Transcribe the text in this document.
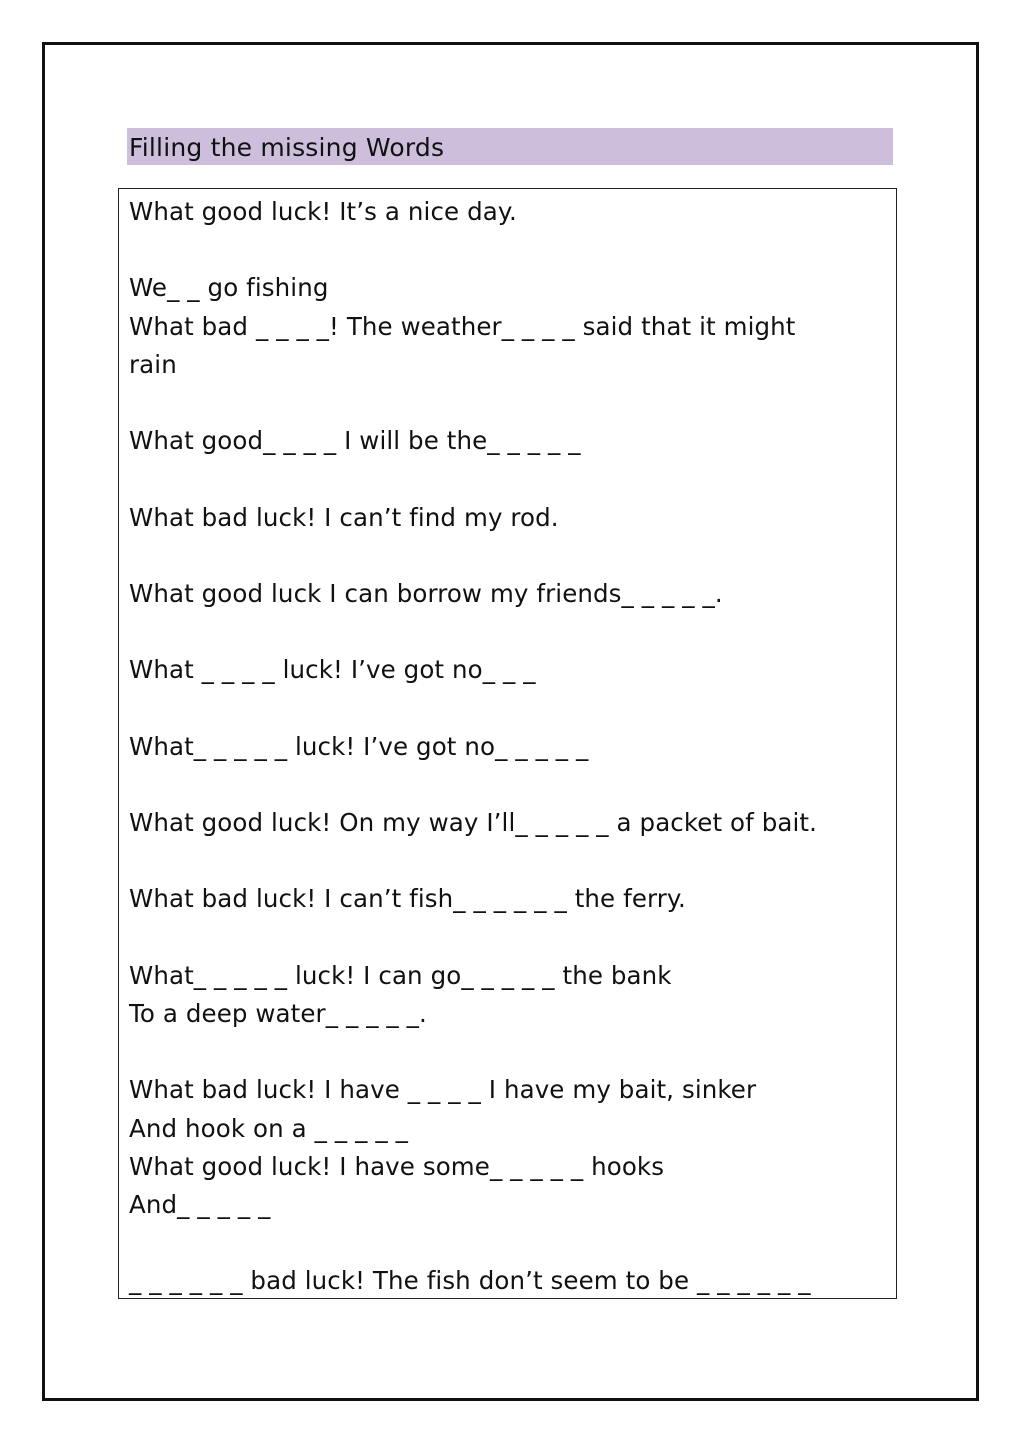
Filling the missing Words
What good luck! It’s a nice day.
We_ _ go fishing
What bad _ _ _ _! The weather_ _ _ _ said that it might
rain
What good_ _ _ _ I will be the_ _ _ _ _
What bad luck! I can’t find my rod.
What good luck I can borrow my friends_ _ _ _ _.
What _ _ _ _ luck! I’ve got no_ _ _
What_ _ _ _ _ luck! I’ve got no_ _ _ _ _
What good luck! On my way I’ll_ _ _ _ _ a packet of bait.
What bad luck! I can’t fish_ _ _ _ _ _ the ferry.
What_ _ _ _ _ luck! I can go_ _ _ _ _ the bank
To a deep water_ _ _ _ _.
What bad luck! I have _ _ _ _ I have my bait, sinker
And hook on a _ _ _ _ _
What good luck! I have some_ _ _ _ _ hooks
And_ _ _ _ _
_ _ _ _ _ _ bad luck! The fish don’t seem to be _ _ _ _ _ _
